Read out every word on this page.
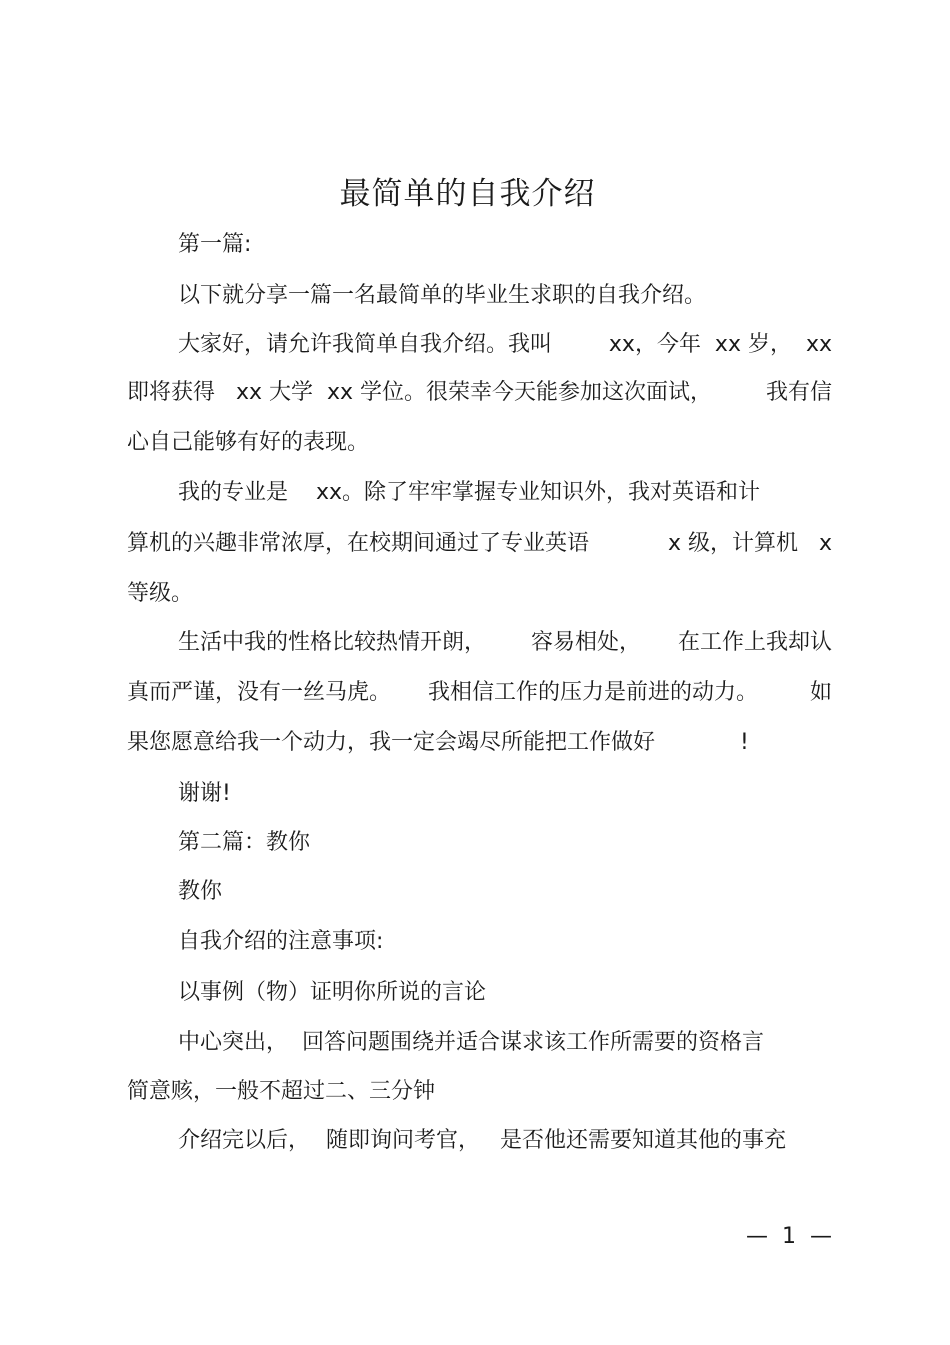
最简单的自我介绍
第一篇:
以下就分享一篇一名最简单的毕业生求职的自我介绍。
大家好，请允许我简单自我介绍。我叫	xx，今年  xx 岁，  xx
即将获得   xx 大学  xx 学位。很荣幸今天能参加这次面试， 我有信
心自己能够有好的表现。
我的专业是    xx。除了牢牢掌握专业知识外，我对英语和计
算机的兴趣非常浓厚，在校期间通过了专业英语	x 级，计算机   x
等级。
生活中我的性格比较热情开朗， 容易相处， 在工作上我却认
真而严谨，没有一丝马虎。 我相信工作的压力是前进的动力。 如
果您愿意给我一个动力，我一定会竭尽所能把工作做好	!
谢谢!
第二篇：教你
教你
自我介绍的注意事项:
以事例（物）证明你所说的言论
中心突出，  回答问题围绕并适合谋求该工作所需要的资格言
简意赅，一般不超过二、三分钟
介绍完以后， 随即询问考官， 是否他还需要知道其他的事充
—  1  —
